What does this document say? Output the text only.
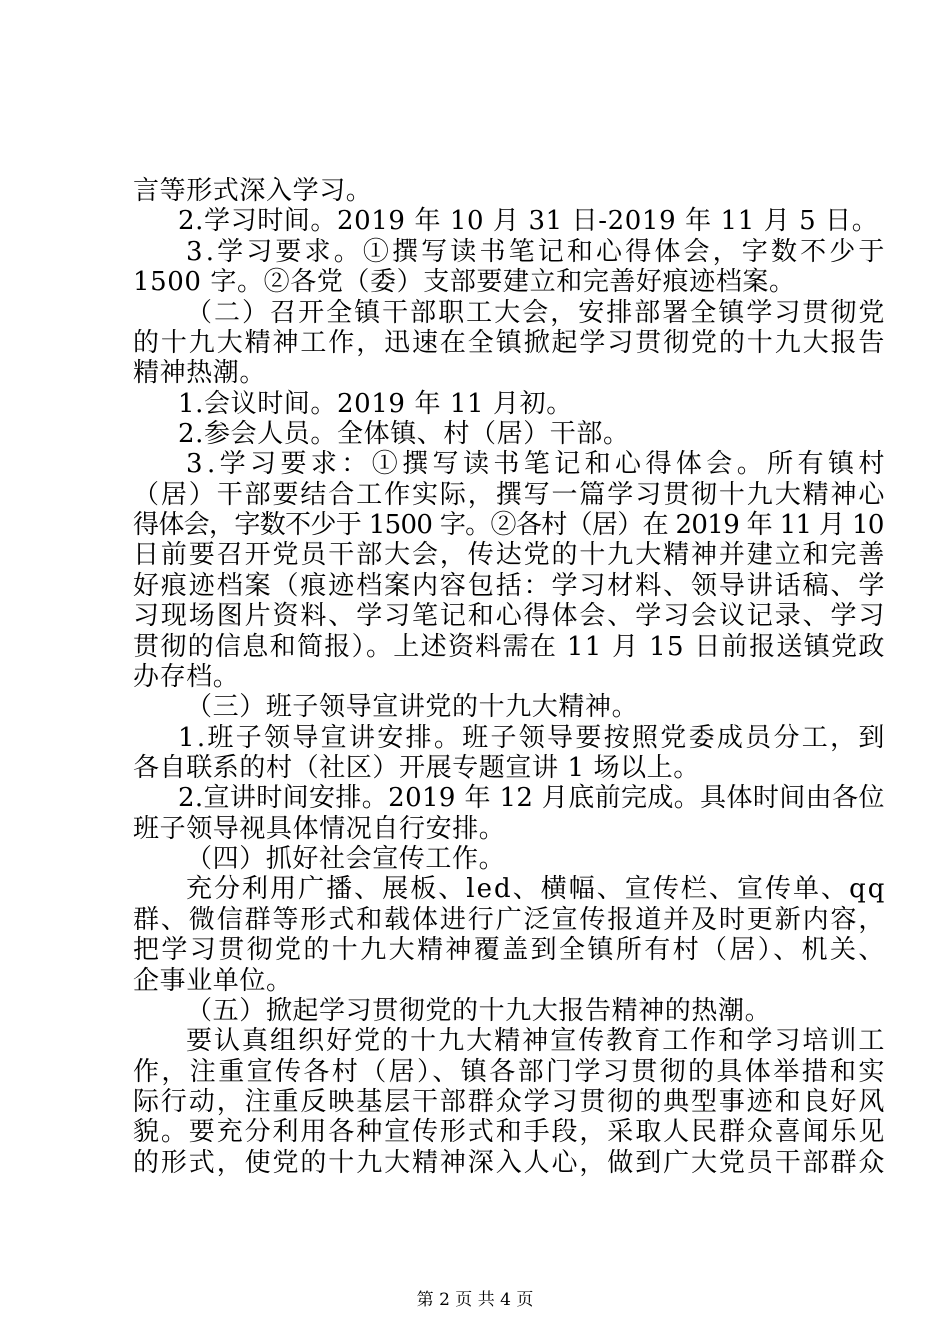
言等形式深入学习。
2.学习时间。2019 年 10 月 31 日-2019 年 11 月 5 日。
3.学习要求。①撰写读书笔记和心得体会，字数不少于
1500 字。②各党（委）支部要建立和完善好痕迹档案。
（二）召开全镇干部职工大会，安排部署全镇学习贯彻党
的十九大精神工作，迅速在全镇掀起学习贯彻党的十九大报告
精神热潮。
1.会议时间。2019 年 11 月初。
2.参会人员。全体镇、村（居）干部。
3.学习要求：①撰写读书笔记和心得体会。所有镇村
（居）干部要结合工作实际，撰写一篇学习贯彻十九大精神心
得体会，字数不少于 1500 字。②各村（居）在 2019 年 11 月 10
日前要召开党员干部大会，传达党的十九大精神并建立和完善
好痕迹档案（痕迹档案内容包括：学习材料、领导讲话稿、学
习现场图片资料、学习笔记和心得体会、学习会议记录、学习
贯彻的信息和简报）。上述资料需在 11 月 15 日前报送镇党政
办存档。
（三）班子领导宣讲党的十九大精神。
1.班子领导宣讲安排。班子领导要按照党委成员分工，到
各自联系的村（社区）开展专题宣讲 1 场以上。
2.宣讲时间安排。2019 年 12 月底前完成。具体时间由各位
班子领导视具体情况自行安排。
（四）抓好社会宣传工作。
充分利用广播、展板、led、横幅、宣传栏、宣传单、qq
群、微信群等形式和载体进行广泛宣传报道并及时更新内容，
把学习贯彻党的十九大精神覆盖到全镇所有村（居）、机关、
企事业单位。
（五）掀起学习贯彻党的十九大报告精神的热潮。
要认真组织好党的十九大精神宣传教育工作和学习培训工
作，注重宣传各村（居）、镇各部门学习贯彻的具体举措和实
际行动，注重反映基层干部群众学习贯彻的典型事迹和良好风
貌。要充分利用各种宣传形式和手段，采取人民群众喜闻乐见
的形式，使党的十九大精神深入人心，做到广大党员干部群众
第 2 页 共 4 页
